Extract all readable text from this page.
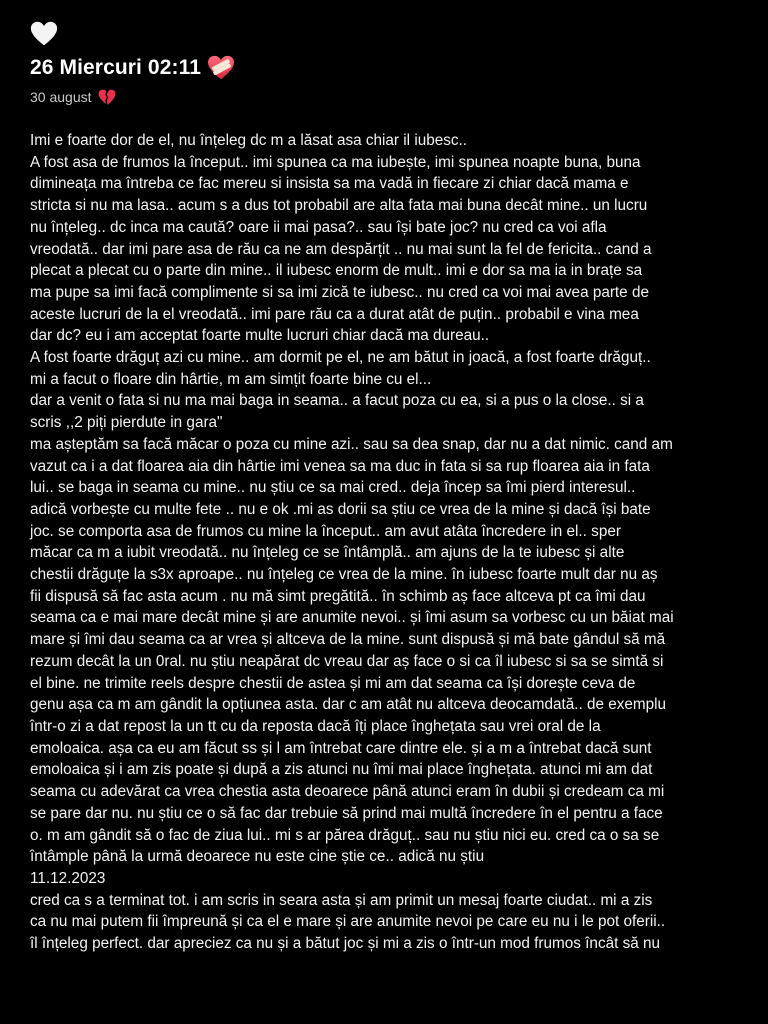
26 Miercuri 02:11
30 august
Imi e foarte dor de el, nu înțeleg dc m a lăsat asa chiar il iubesc..
A fost asa de frumos la început.. imi spunea ca ma iubește, imi spunea noapte buna, buna
dimineața ma întreba ce fac mereu si insista sa ma vadă in fiecare zi chiar dacă mama e
stricta si nu ma lasa.. acum s a dus tot probabil are alta fata mai buna decât mine.. un lucru
nu înțeleg.. dc inca ma caută? oare ii mai pasa?.. sau își bate joc? nu cred ca voi afla
vreodată.. dar imi pare asa de rău ca ne am despărțit .. nu mai sunt la fel de fericita.. cand a
plecat a plecat cu o parte din mine.. il iubesc enorm de mult.. imi e dor sa ma ia in brațe sa
ma pupe sa imi facă complimente si sa imi zică te iubesc.. nu cred ca voi mai avea parte de
aceste lucruri de la el vreodată.. imi pare rău ca a durat atât de puțin.. probabil e vina mea
dar dc? eu i am acceptat foarte multe lucruri chiar dacă ma dureau..
A fost foarte drăguț azi cu mine.. am dormit pe el, ne am bătut in joacă, a fost foarte drăguț..
mi a facut o floare din hârtie, m am simțit foarte bine cu el...
dar a venit o fata si nu ma mai baga in seama.. a facut poza cu ea, si a pus o la close.. si a
scris ,,2 piți pierdute in gara"
ma așteptăm sa facă măcar o poza cu mine azi.. sau sa dea snap, dar nu a dat nimic. cand am
vazut ca i a dat floarea aia din hârtie imi venea sa ma duc in fata si sa rup floarea aia in fata
lui.. se baga in seama cu mine.. nu știu ce sa mai cred.. deja încep sa îmi pierd interesul..
adică vorbește cu multe fete .. nu e ok .mi as dorii sa știu ce vrea de la mine și dacă își bate
joc. se comporta asa de frumos cu mine la început.. am avut atâta încredere in el.. sper
măcar ca m a iubit vreodată.. nu înțeleg ce se întâmplă.. am ajuns de la te iubesc și alte
chestii drăguțe la s3x aproape.. nu înțeleg ce vrea de la mine. în iubesc foarte mult dar nu aș
fii dispusă să fac asta acum . nu mă simt pregătită.. în schimb aș face altceva pt ca îmi dau
seama ca e mai mare decât mine și are anumite nevoi.. și îmi asum sa vorbesc cu un băiat mai
mare și îmi dau seama ca ar vrea și altceva de la mine. sunt dispusă și mă bate gândul să mă
rezum decât la un 0ral. nu știu neapărat dc vreau dar aș face o si ca îl iubesc si sa se simtă si
el bine. ne trimite reels despre chestii de astea și mi am dat seama ca își dorește ceva de
genu așa ca m am gândit la opțiunea asta. dar c am atât nu altceva deocamdată.. de exemplu
într-o zi a dat repost la un tt cu da reposta dacă îți place înghețata sau vrei oral de la
emoloaica. așa ca eu am făcut ss și l am întrebat care dintre ele. și a m a întrebat dacă sunt
emoloaica și i am zis poate și după a zis atunci nu îmi mai place înghețata. atunci mi am dat
seama cu adevărat ca vrea chestia asta deoarece până atunci eram în dubii și credeam ca mi
se pare dar nu. nu știu ce o să fac dar trebuie să prind mai multă încredere în el pentru a face
o. m am gândit să o fac de ziua lui.. mi s ar părea drăguț.. sau nu știu nici eu. cred ca o sa se
întâmple până la urmă deoarece nu este cine știe ce.. adică nu știu
11.12.2023
cred ca s a terminat tot. i am scris in seara asta și am primit un mesaj foarte ciudat.. mi a zis
ca nu mai putem fii împreună și ca el e mare și are anumite nevoi pe care eu nu i le pot oferii..
îl înțeleg perfect. dar apreciez ca nu și a bătut joc și mi a zis o într-un mod frumos încât să nu
